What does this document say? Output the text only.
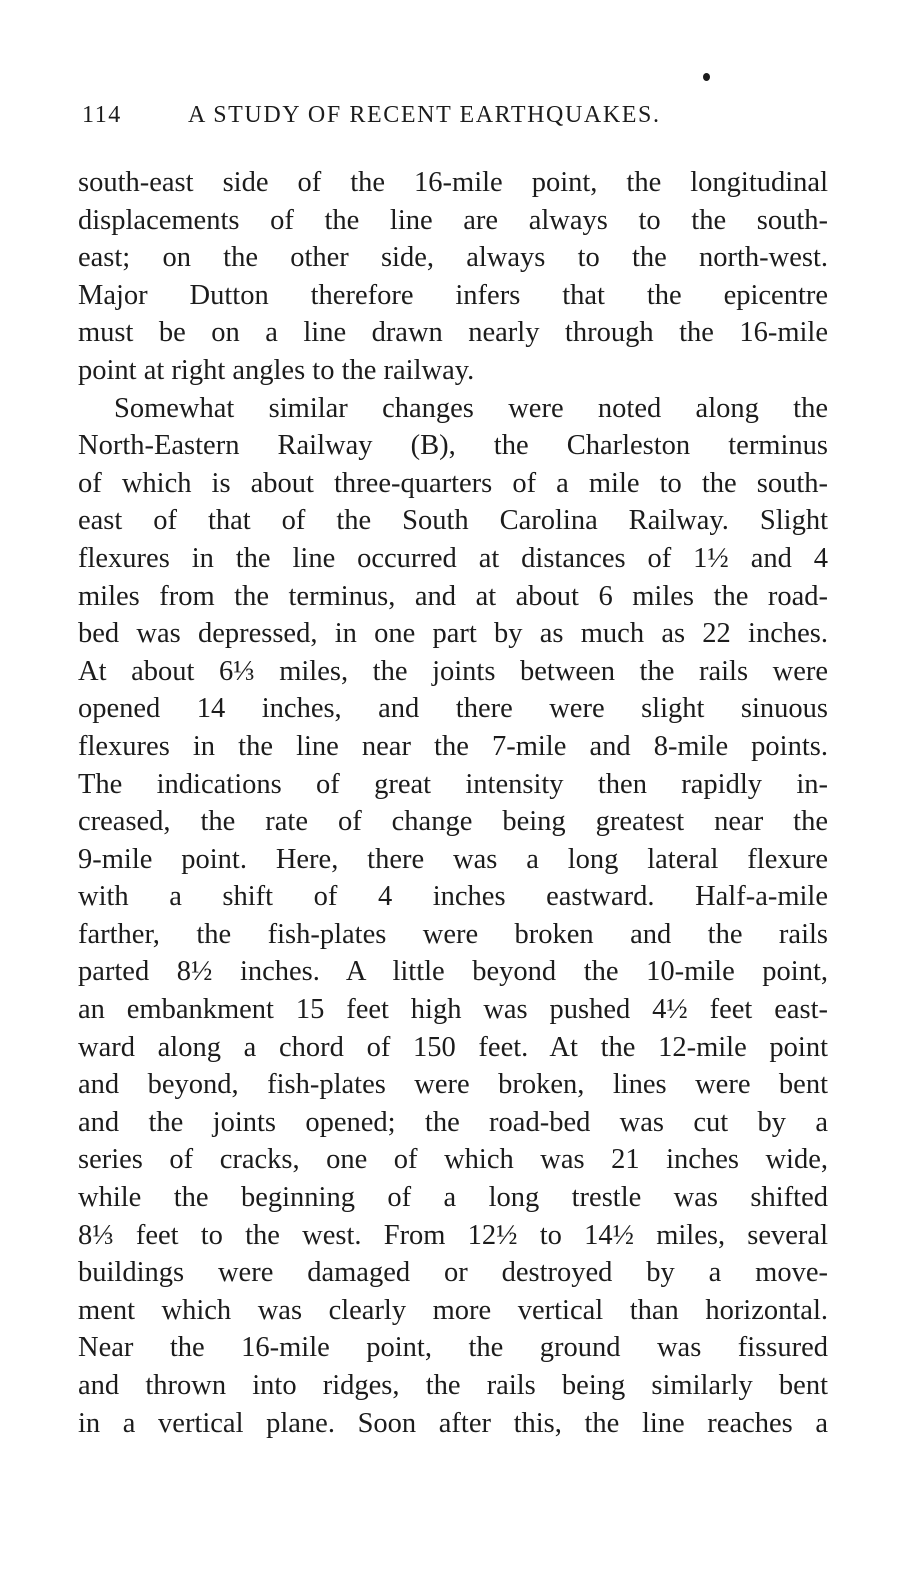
114	A STUDY OF RECENT EARTHQUAKES.
south-east side of the 16-mile point, the longitudinal
displacements of the line are always to the south-
east; on the other side, always to the north-west.
Major Dutton therefore infers that the epicentre
must be on a line drawn nearly through the 16-mile
point at right angles to the railway.
Somewhat similar changes were noted along the
North-Eastern Railway (B), the Charleston terminus
of which is about three-quarters of a mile to the south-
east of that of the South Carolina Railway. Slight
flexures in the line occurred at distances of 1½ and 4
miles from the terminus, and at about 6 miles the road-
bed was depressed, in one part by as much as 22 inches.
At about 6⅓ miles, the joints between the rails were
opened 14 inches, and there were slight sinuous
flexures in the line near the 7-mile and 8-mile points.
The indications of great intensity then rapidly in-
creased, the rate of change being greatest near the
9-mile point. Here, there was a long lateral flexure
with a shift of 4 inches eastward. Half-a-mile
farther, the fish-plates were broken and the rails
parted 8½ inches. A little beyond the 10-mile point,
an embankment 15 feet high was pushed 4½ feet east-
ward along a chord of 150 feet. At the 12-mile point
and beyond, fish-plates were broken, lines were bent
and the joints opened; the road-bed was cut by a
series of cracks, one of which was 21 inches wide,
while the beginning of a long trestle was shifted
8⅓ feet to the west. From 12½ to 14½ miles, several
buildings were damaged or destroyed by a move-
ment which was clearly more vertical than horizontal.
Near the 16-mile point, the ground was fissured
and thrown into ridges, the rails being similarly bent
in a vertical plane. Soon after this, the line reaches a
